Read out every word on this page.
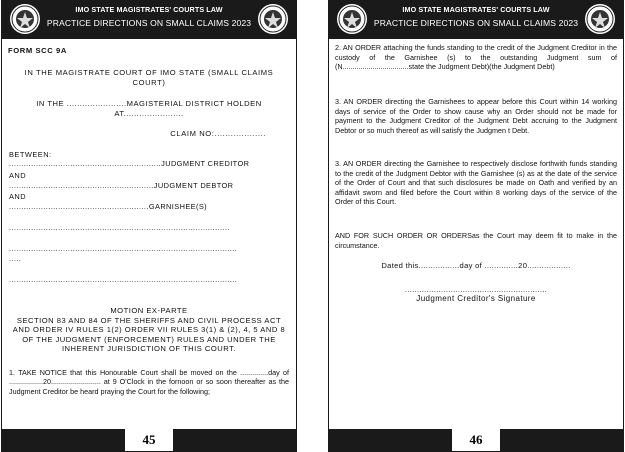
IMO STATE MAGISTRATES' COURTS LAW
PRACTICE DIRECTIONS ON SMALL CLAIMS 2023
FORM SCC 9A
IN THE MAGISTRATE COURT OF IMO STATE (SMALL CLAIMS COURT)
IN THE .......................MAGISTERIAL DISTRICT HOLDEN AT.......................
CLAIM NO:...................
BETWEEN:
..............................................................JUDGMENT CREDITOR
AND
...........................................................JUDGMENT DEBTOR
AND
.........................................................GARNISHEE(S)
..........................................................................................
.............................................................................................
.....
.............................................................................................
MOTION EX-PARTE
SECTION 83 AND 84 OF THE SHERIFFS AND CIVIL PROCESS ACT AND ORDER IV RULES 1(2) ORDER VII RULES 3(1) & (2), 4, 5 AND 8 OF THE JUDGMENT (ENFORCEMENT) RULES AND UNDER THE INHERENT JURISDICTION OF THIS COURT.
1. TAKE NOTICE that this Honourable Court shall be moved on the ..............day of .................20......................... at 9 O'Clock in the fornoon or so soon thereafter as the Judgment Creditor be heard praying the Court for the following;
45
IMO STATE MAGISTRATES' COURTS LAW
PRACTICE DIRECTIONS ON SMALL CLAIMS 2023
2. AN ORDER attaching the funds standing to the credit of the Judgment Creditor in the custody of the Garnishee (s) to the outstanding Judgment sum of (N.................................state the Judgment Debt)(the Judgment Debt)
3. AN ORDER directing the Garnishees to appear before this Court within 14 working days of service of the Order to show cause why an Order should not be made for payment to the Judgment Creditor of the Judgment Debt accruing to the Judgment Debtor or so much thereof as will satisfy the Judgmen t Debt.
3. AN ORDER directing the Garnishee to respectively disclose forthwith funds standing to the credit of the Judgment Debtor with the Garnishee (s) as at the date of the service of the Order of Court and that such disclosures be made on Oath and verified by an affidavit sworn and filed before the Court within 8 working days of the service of the Order of this Court.
AND FOR SUCH ORDER OR ORDERSas the Court may deem fit to make in the circumstance.
Dated this.................day of ..............20..................
...........................................................
Judgment Creditor's Signature
46
